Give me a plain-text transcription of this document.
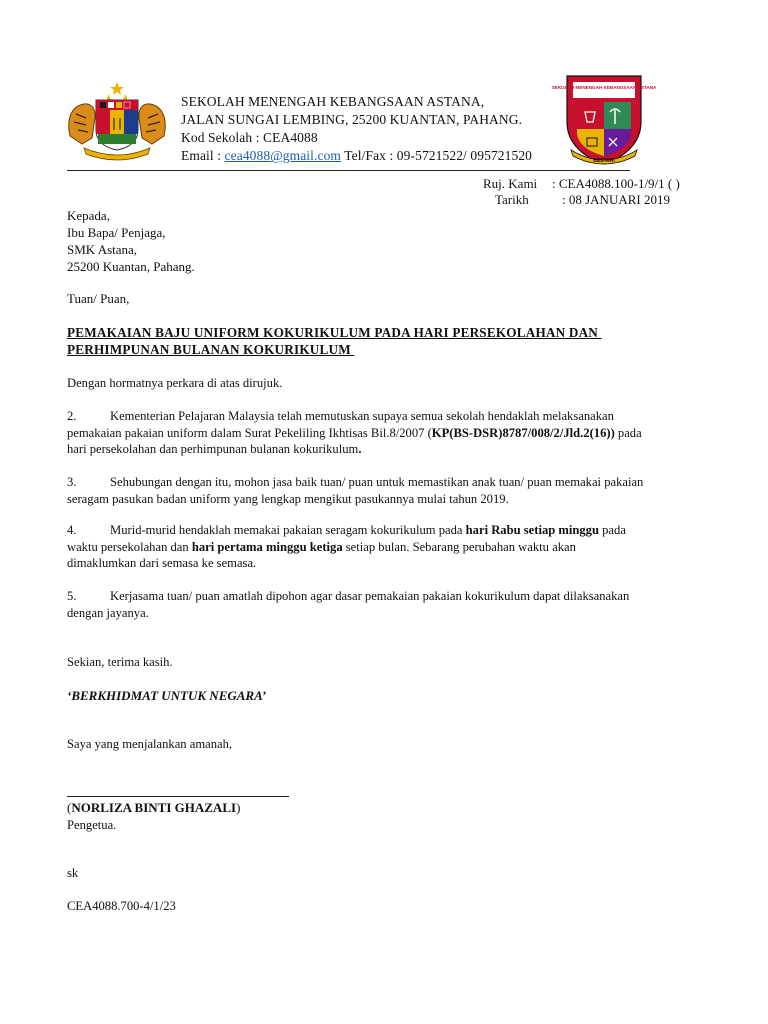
SEKOLAH MENENGAH KEBANGSAAN ASTANA,
JALAN SUNGAI LEMBING, 25200 KUANTAN, PAHANG.
Kod Sekolah : CEA4088
Email : cea4088@gmail.com Tel/Fax : 09-5721522/ 095721520
SEKOLAH MENENGAH KEBANGSAAN ASTANA
BESTARI
Ruj. Kami : CEA4088.100-1/9/1 ( )
Tarikh	: 08 JANUARI 2019
Kepada,
Ibu Bapa/ Penjaga,
SMK Astana,
25200 Kuantan, Pahang.
Tuan/ Puan,
PEMAKAIAN BAJU UNIFORM KOKURIKULUM PADA HARI PERSEKOLAHAN DAN
PERHIMPUNAN BULANAN KOKURIKULUM
Dengan hormatnya perkara di atas dirujuk.
2.	Kementerian Pelajaran Malaysia telah memutuskan supaya semua sekolah hendaklah melaksanakan
pemakaian pakaian uniform dalam Surat Pekeliling Ikhtisas Bil.8/2007 (KP(BS-DSR)8787/008/2/Jld.2(16)) pada
hari persekolahan dan perhimpunan bulanan kokurikulum.
3.	Sehubungan dengan itu, mohon jasa baik tuan/ puan untuk memastikan anak tuan/ puan memakai pakaian
seragam pasukan badan uniform yang lengkap mengikut pasukannya mulai tahun 2019.
4.	Murid-murid hendaklah memakai pakaian seragam kokurikulum pada hari Rabu setiap minggu pada
waktu persekolahan dan hari pertama minggu ketiga setiap bulan. Sebarang perubahan waktu akan
dimaklumkan dari semasa ke semasa.
5.	Kerjasama tuan/ puan amatlah dipohon agar dasar pemakaian pakaian kokurikulum dapat dilaksanakan
dengan jayanya.
Sekian, terima kasih.
‘BERKHIDMAT UNTUK NEGARA’
Saya yang menjalankan amanah,
(NORLIZA BINTI GHAZALI)
Pengetua.
sk
CEA4088.700-4/1/23
